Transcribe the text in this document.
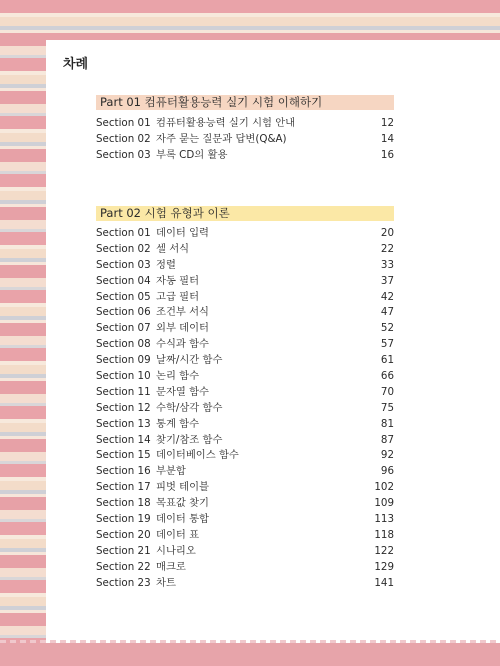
차례
Part 01 컴퓨터활용능력 실기 시험 이해하기
Section 01 컴퓨터활용능력 실기 시험 안내	12
Section 02 자주 묻는 질문과 답변(Q&A)	14
Section 03 부록 CD의 활용	16
Part 02 시험 유형과 이론
Section 01 데이터 입력	20
Section 02 셀 서식	22
Section 03 정렬	33
Section 04 자동 필터	37
Section 05 고급 필터	42
Section 06 조건부 서식	47
Section 07 외부 데이터	52
Section 08 수식과 함수	57
Section 09 날짜/시간 함수	61
Section 10 논리 함수	66
Section 11 문자열 함수	70
Section 12 수학/삼각 함수	75
Section 13 통계 함수	81
Section 14 찾기/참조 함수	87
Section 15 데이터베이스 함수	92
Section 16 부분합	96
Section 17 피벗 테이블	102
Section 18 목표값 찾기	109
Section 19 데이터 통합	113
Section 20 데이터 표	118
Section 21 시나리오	122
Section 22 매크로	129
Section 23 차트	141
